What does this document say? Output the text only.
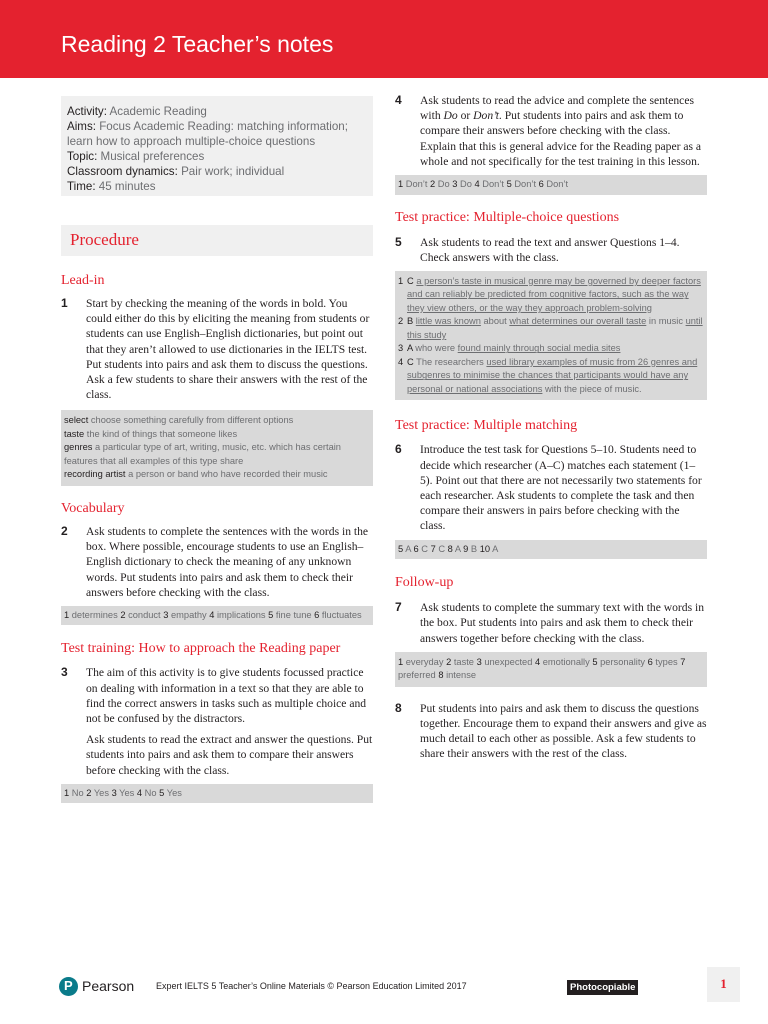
Reading 2 Teacher’s notes
Activity: Academic Reading
Aims: Focus Academic Reading: matching information; learn how to approach multiple-choice questions
Topic: Musical preferences
Classroom dynamics: Pair work; individual
Time: 45 minutes
Procedure
Lead-in
1 Start by checking the meaning of the words in bold. You could either do this by eliciting the meaning from students or students can use English–English dictionaries, but point out that they aren’t allowed to use dictionaries in the IELTS test. Put students into pairs and ask them to discuss the questions. Ask a few students to share their answers with the rest of the class.

select choose something carefully from different options
taste the kind of things that someone likes
genres a particular type of art, writing, music, etc. which has certain features that all examples of this type share
recording artist a person or band who have recorded their music
Vocabulary
2 Ask students to complete the sentences with the words in the box. Where possible, encourage students to use an English–English dictionary to check the meaning of any unknown words. Put students into pairs and ask them to check their answers before checking with the class.

1 determines 2 conduct 3 empathy 4 implications 5 fine tune 6 fluctuates
Test training: How to approach the Reading paper
3 The aim of this activity is to give students focussed practice on dealing with information in a text so that they are able to find the correct answers in tasks such as multiple choice and not be confused by the distractors.

Ask students to read the extract and answer the questions. Put students into pairs and ask them to compare their answers before checking with the class.

1 No 2 Yes 3 Yes 4 No 5 Yes
4 Ask students to read the advice and complete the sentences with Do or Don’t. Put students into pairs and ask them to compare their answers before checking with the class. Explain that this is general advice for the Reading paper as a whole and not specifically for the test training in this lesson.

1 Don’t 2 Do 3 Do 4 Don’t 5 Don’t 6 Don’t
Test practice: Multiple-choice questions
5 Ask students to read the text and answer Questions 1–4. Check answers with the class.

1 C a person’s taste in musical genre may be governed by deeper factors and can reliably be predicted from cognitive factors, such as the way they view others, or the way they approach problem-solving
2 B little was known about what determines our overall taste in music until this study
3 A who were found mainly through social media sites
4 C The researchers used library examples of music from 26 genres and subgenres to minimise the chances that participants would have any personal or national associations with the piece of music.
Test practice: Multiple matching
6 Introduce the test task for Questions 5–10. Students need to decide which researcher (A–C) matches each statement (1–5). Point out that there are not necessarily two statements for each researcher. Ask students to complete the task and then compare their answers in pairs before checking with the class.

5 A 6 C 7 C 8 A 9 B 10 A
Follow-up
7 Ask students to complete the summary text with the words in the box. Put students into pairs and ask them to check their answers together before checking with the class.

1 everyday 2 taste 3 unexpected 4 emotionally 5 personality 6 types 7 preferred 8 intense
8 Put students into pairs and ask them to discuss the questions together. Encourage them to expand their answers and give as much detail to each other as possible. Ask a few students to share their answers with the rest of the class.

P Pearson Expert IELTS 5 Teacher’s Online Materials © Pearson Education Limited 2017	Photocopiable	1
